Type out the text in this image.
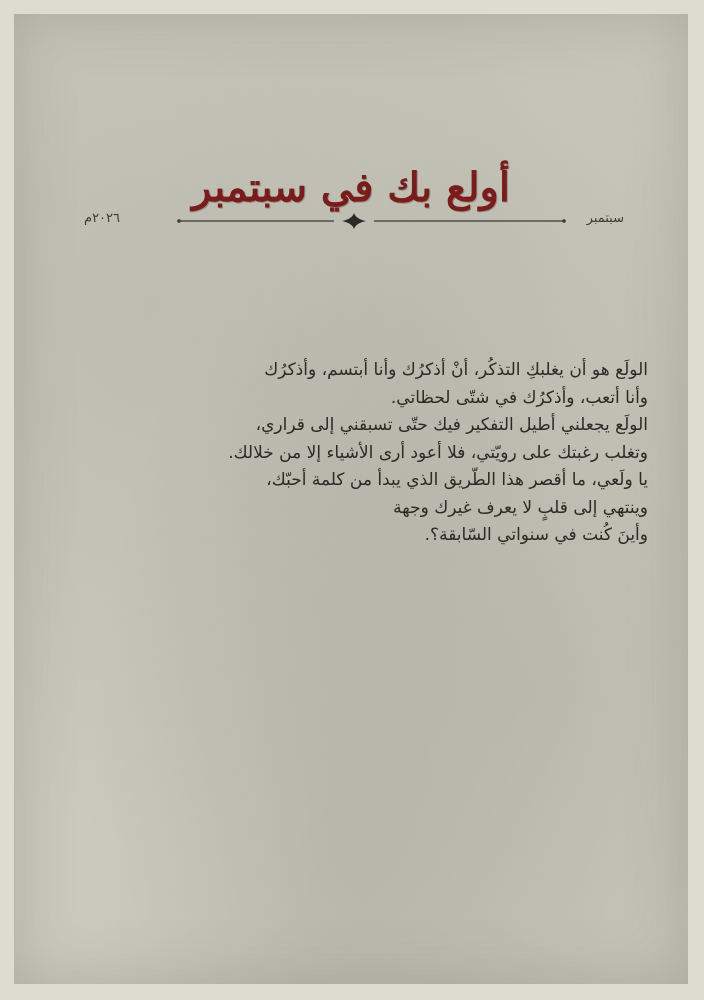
أولع بك في سبتمبر
سبتمبر
٢٠٢٦م
الولَع هو أن يغلبكِ التذكُر، أنْ أذكرُك وأنا أبتسم، وأذكرُك
وأنا أتعب، وأذكرُك في شتّى لحظاتي.
الولَع يجعلني أطيل التفكير فيك حتّى تسبقني إلى قراري،
وتغلب رغبتك على رويّتي، فلا أعود أرى الأشياء إلا من خلالك.
يا ولَعي، ما أقصر هذا الطّريق الذي يبدأ من كلمة أحبّك،
وينتهي إلى قلبٍ لا يعرف غيرك وجهة
وأينَ كُنت في سنواتي السّابقة؟.
